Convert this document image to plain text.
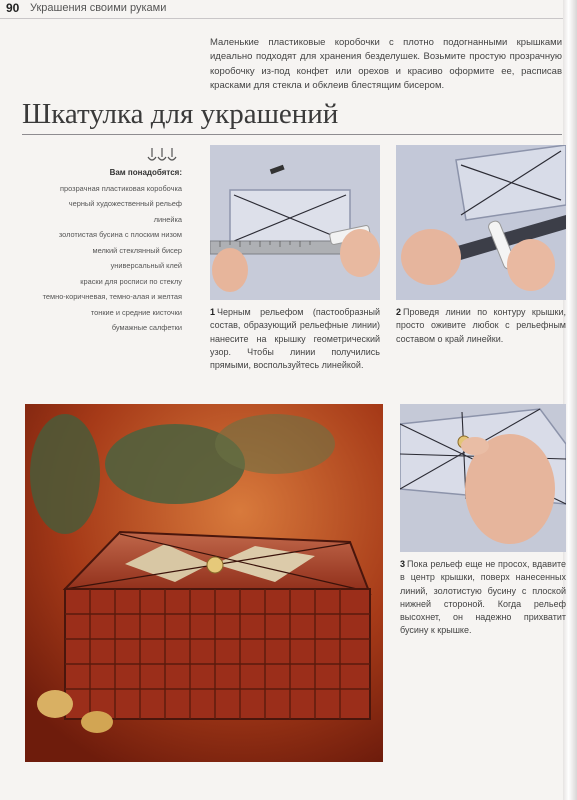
90 Украшения своими руками

Маленькие пластиковые коробочки с плотно подогнанными крышками идеально подходят для хранения безделушек. Возьмите простую прозрачную коробочку из-под конфет или орехов и красиво оформите ее, расписав красками для стекла и обклеив блестящим бисером.

Шкатулка для украшений
Вам понадобятся:
прозрачная пластиковая коробочка
черный художественный рельеф
линейка
золотистая бусина с плоским низом
мелкий стеклянный бисер
универсальный клей
краски для росписи по стеклу
темно-коричневая, темно-алая и желтая
тонкие и средние кисточки
бумажные салфетки
1 Черным рельефом (пастообразный состав, образующий рельефные линии) нанесите на крышку геометрический узор. Чтобы линии получились прямыми, воспользуйтесь линейкой.
2 Проведя линии по контуру крышки, просто оживите любок с рельефным составом о край линейки.
3 Пока рельеф еще не просох, вдавите в центр крышки, поверх нанесенных линий, золотистую бусину с плоской нижней стороной. Когда рельеф высохнет, он надежно прихватит бусину к крышке.
